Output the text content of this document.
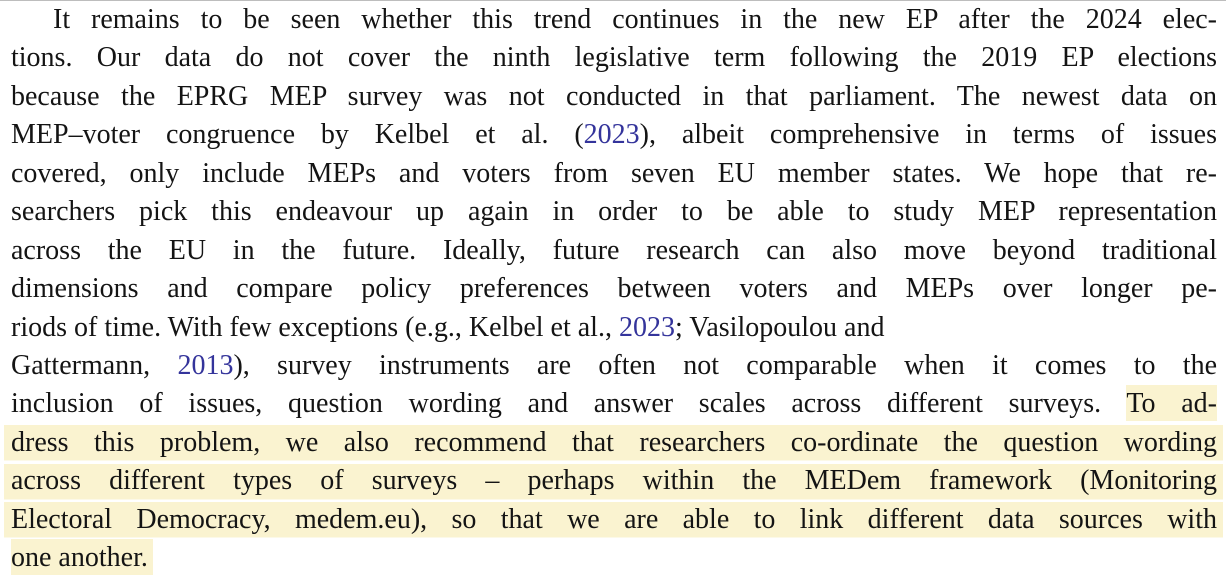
It remains to be seen whether this trend continues in the new EP after the 2024 elec-
tions. Our data do not cover the ninth legislative term following the 2019 EP elections
because the EPRG MEP survey was not conducted in that parliament. The newest data on
MEP–voter congruence by Kelbel et al. (2023), albeit comprehensive in terms of issues
covered, only include MEPs and voters from seven EU member states. We hope that re-
searchers pick this endeavour up again in order to be able to study MEP representation
across the EU in the future. Ideally, future research can also move beyond traditional
dimensions and compare policy preferences between voters and MEPs over longer pe-
riods of time. With few exceptions (e.g., Kelbel et al., 2023; Vasilopoulou and
Gattermann, 2013), survey instruments are often not comparable when it comes to the
inclusion of issues, question wording and answer scales across different surveys. To ad-
dress this problem, we also recommend that researchers co-ordinate the question wording
across different types of surveys – perhaps within the MEDem framework (Monitoring
Electoral Democracy, medem.eu), so that we are able to link different data sources with
one another.
